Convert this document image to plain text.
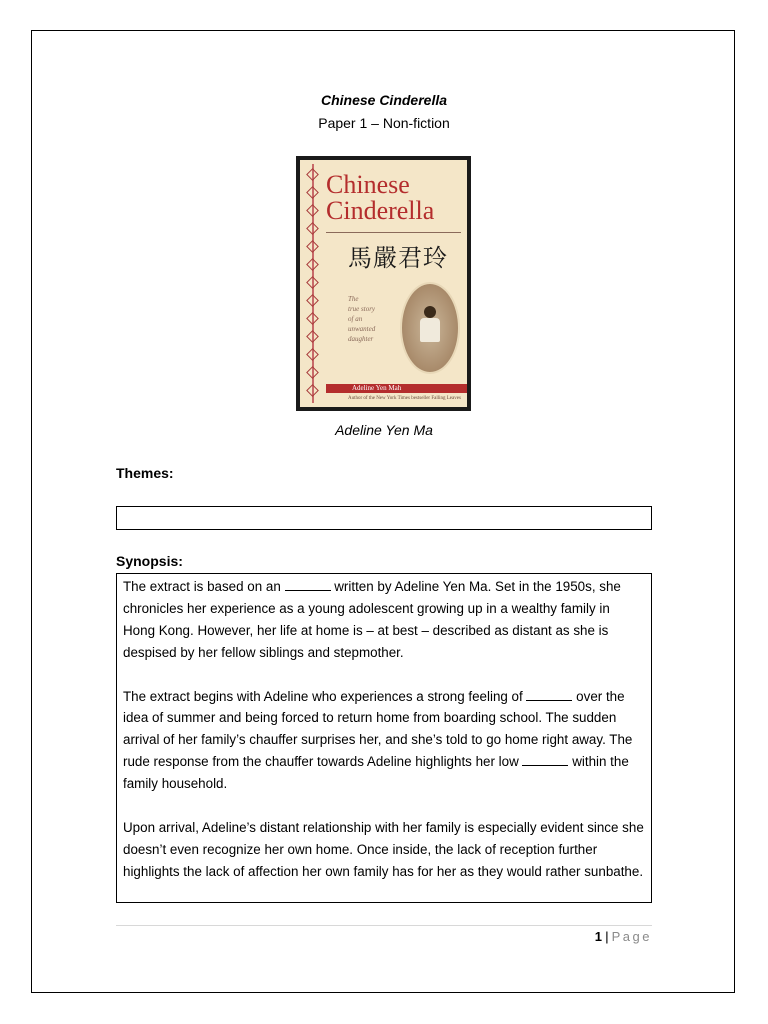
Chinese Cinderella
Paper 1 – Non-fiction
Chinese
Cinderella
馬嚴君玲
The
true story
of an
unwanted
daughter
Adeline Yen Mah
Author of the New York Times bestseller Falling Leaves
Adeline Yen Ma
Themes:
Synopsis:

The extract is based on an	written by Adeline Yen Ma. Set in the 1950s, she chronicles her experience as a young adolescent growing up in a wealthy family in Hong Kong. However, her life at home is – at best – described as distant as she is despised by her fellow siblings and stepmother.

The extract begins with Adeline who experiences a strong feeling of	over the idea of summer and being forced to return home from boarding school. The sudden arrival of her family’s chauffer surprises her, and she’s told to go home right away. The rude response from the chauffer towards Adeline highlights her low	within the family household.

Upon arrival, Adeline’s distant relationship with her family is especially evident since she doesn’t even recognize her own home. Once inside, the lack of reception further highlights the lack of affection her own family has for her as they would rather sunbathe.

1 | Page
